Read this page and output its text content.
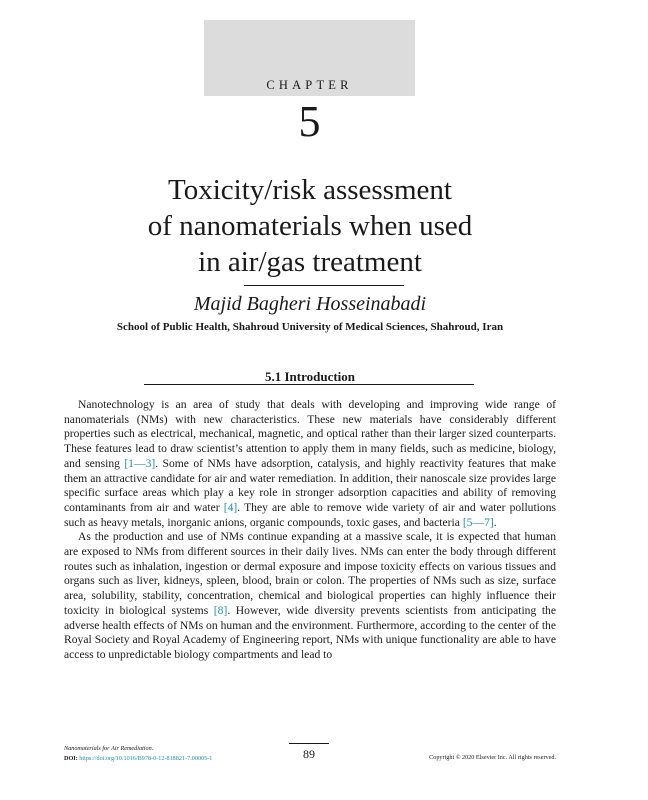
CHAPTER
5
Toxicity/risk assessment
of nanomaterials when used
in air/gas treatment
Majid Bagheri Hosseinabadi
School of Public Health, Shahroud University of Medical Sciences, Shahroud, Iran
5.1 Introduction

Nanotechnology is an area of study that deals with developing and improving wide range of nanomaterials (NMs) with new characteristics. These new materials have considerably different properties such as electrical, mechanical, magnetic, and optical rather than their larger sized counterparts. These features lead to draw scientist’s attention to apply them in many fields, such as medicine, biology, and sensing [1—3]. Some of NMs have adsorption, catalysis, and highly reactivity features that make them an attractive candidate for air and water remediation. In addition, their nanoscale size provides large specific surface areas which play a key role in stronger adsorption capacities and ability of removing contaminants from air and water [4]. They are able to remove wide variety of air and water pollutions such as heavy metals, inorganic anions, organic compounds, toxic gases, and bacteria [5—7].

As the production and use of NMs continue expanding at a massive scale, it is expected that human are exposed to NMs from different sources in their daily lives. NMs can enter the body through different routes such as inhalation, ingestion or dermal exposure and impose toxicity effects on various tissues and organs such as liver, kidneys, spleen, blood, brain or colon. The properties of NMs such as size, surface area, solubility, stability, concentration, chemical and biological properties can highly influence their toxicity in biological systems [8]. However, wide diversity prevents scientists from anticipating the adverse health effects of NMs on human and the environment. Furthermore, according to the center of the Royal Society and Royal Academy of Engineering report, NMs with unique functionality are able to have access to unpredictable biology compartments and lead to

Nanomaterials for Air Remediation.
DOI: https://doi.org/10.1016/B978-0-12-818821-7.00005-1	89	Copyright © 2020 Elsevier Inc. All rights reserved.
